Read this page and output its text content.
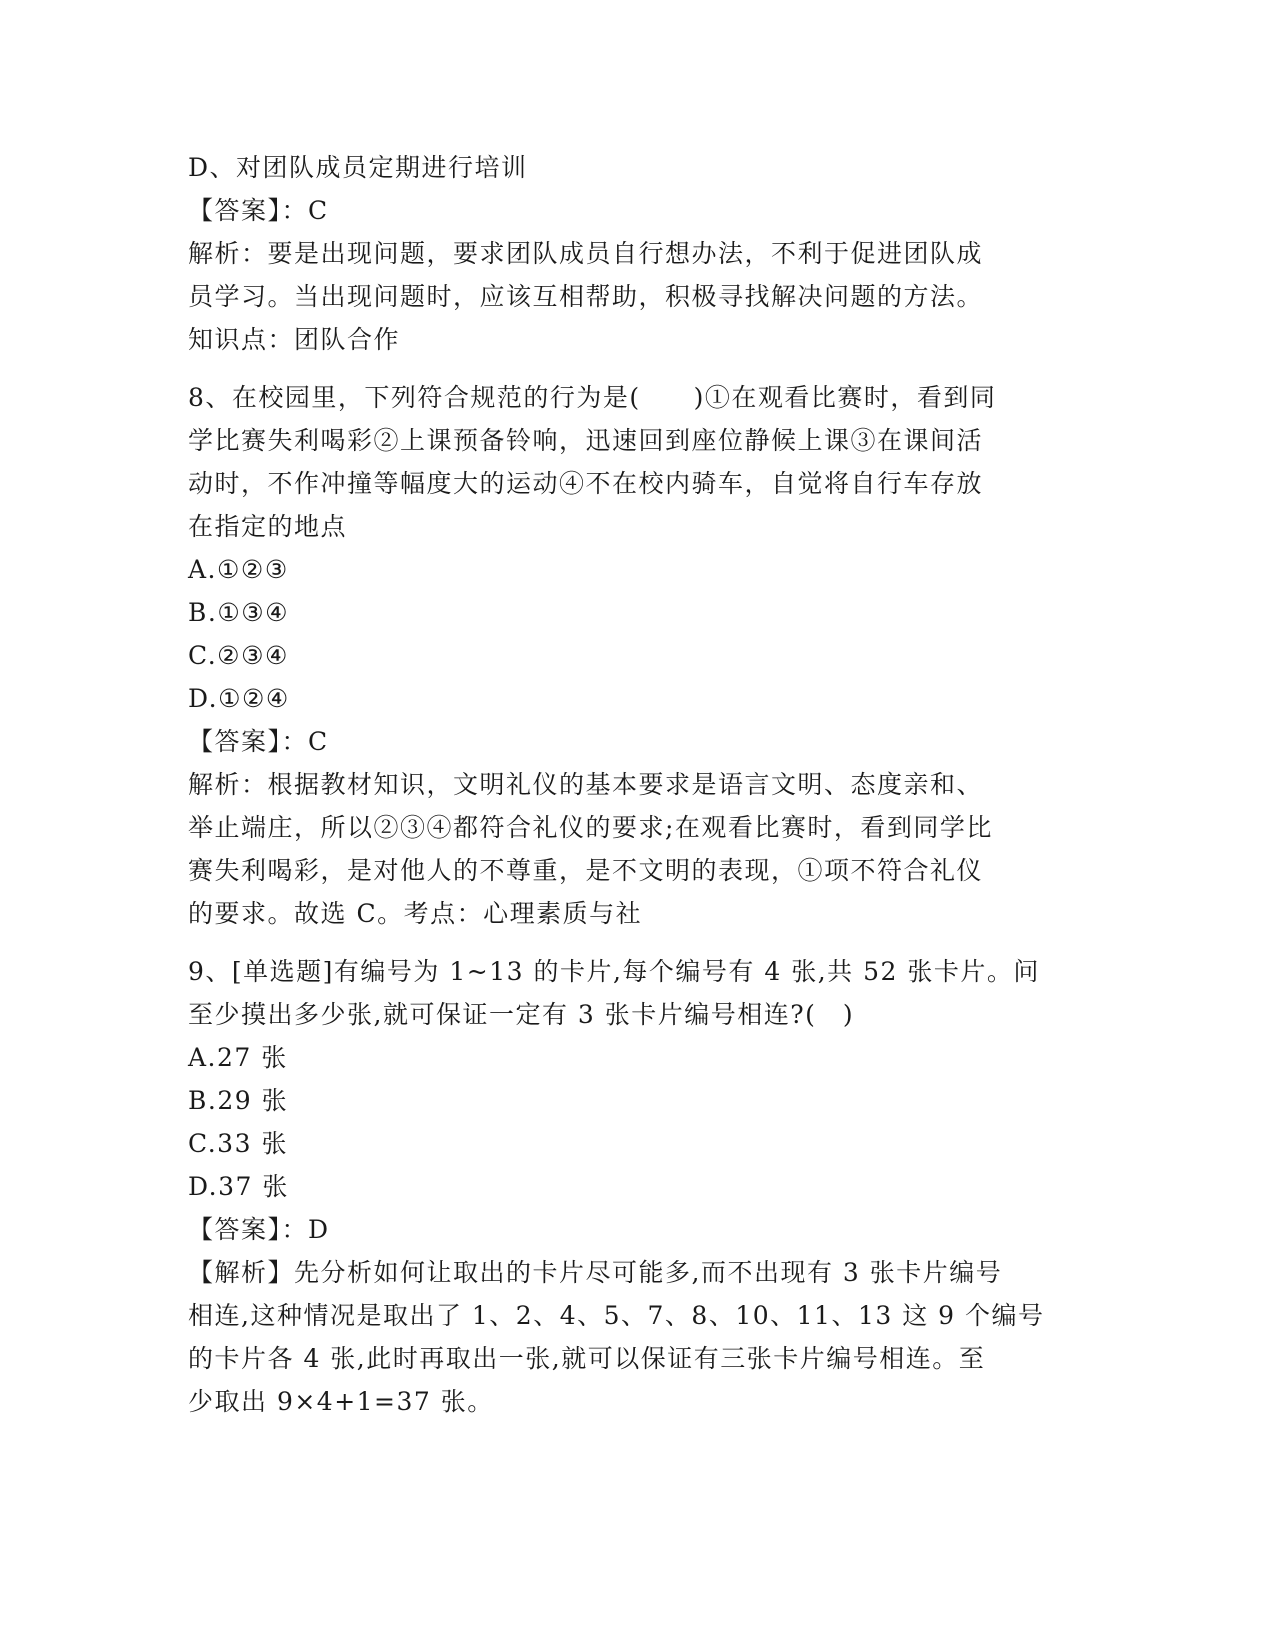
D、对团队成员定期进行培训
【答案】：C
解析：要是出现问题，要求团队成员自行想办法，不利于促进团队成
员学习。当出现问题时，应该互相帮助，积极寻找解决问题的方法。
知识点：团队合作
8、在校园里，下列符合规范的行为是(　　)①在观看比赛时，看到同
学比赛失利喝彩②上课预备铃响，迅速回到座位静候上课③在课间活
动时，不作冲撞等幅度大的运动④不在校内骑车，自觉将自行车存放
在指定的地点
A.①②③
B.①③④
C.②③④
D.①②④
【答案】：C
解析：根据教材知识，文明礼仪的基本要求是语言文明、态度亲和、
举止端庄，所以②③④都符合礼仪的要求;在观看比赛时，看到同学比
赛失利喝彩，是对他人的不尊重，是不文明的表现，①项不符合礼仪
的要求。故选 C。考点：心理素质与社
9、[单选题]有编号为 1~13 的卡片,每个编号有 4 张,共 52 张卡片。问
至少摸出多少张,就可保证一定有 3 张卡片编号相连?(　)
A.27 张
B.29 张
C.33 张
D.37 张
【答案】：D
【解析】先分析如何让取出的卡片尽可能多,而不出现有 3 张卡片编号
相连,这种情况是取出了 1、2、4、5、7、8、10、11、13 这 9 个编号
的卡片各 4 张,此时再取出一张,就可以保证有三张卡片编号相连。至
少取出 9×4+1=37 张。
